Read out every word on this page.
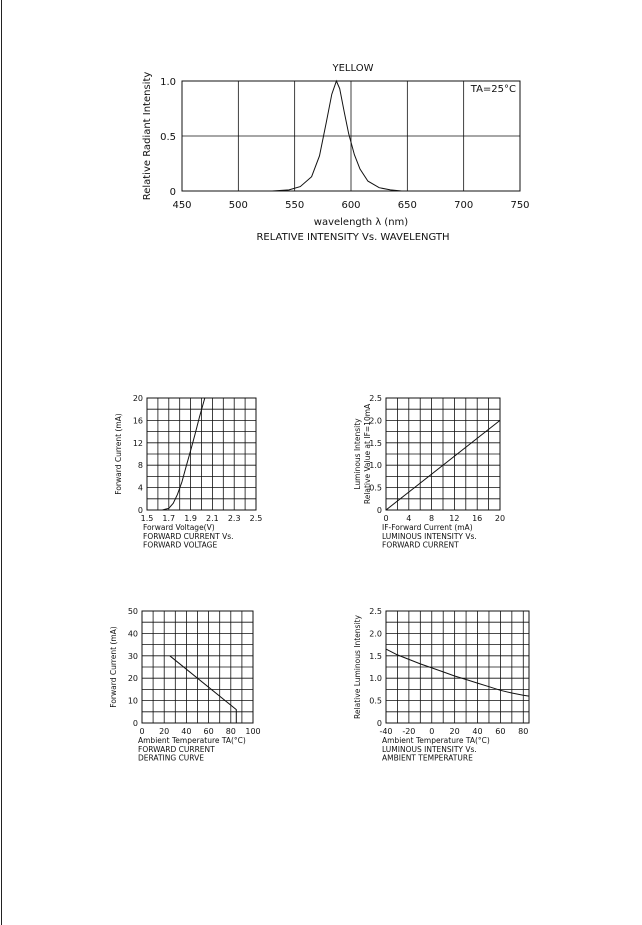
450	500	550	600	650	700	750
0
0.5
1.0
YELLOW
TA=25°C
wavelength λ (nm)
Relative Radiant Intensity
RELATIVE INTENSITY Vs. WAVELENGTH
1.5 1.7 1.9 2.1 2.3 2.5
0
4
8
12
16
20
Forward Voltage(V)
Forward Current (mA)
FORWARD CURRENT Vs.
FORWARD VOLTAGE
0 4 8 12 16 20
0
0.5
1.0
1.5
2.0
2.5
IF-Forward Current (mA)
Luminous Intensity Relative Value at IF=10mA
LUMINOUS INTENSITY Vs.
FORWARD CURRENT
0 20 40 60 80 100
0
10
20
30
40
50
Ambient Temperature TA(°C)
Forward Current (mA)
FORWARD CURRENT
DERATING CURVE
-40 -20 0 20 40 60 80
0
0.5
1.0
1.5
2.0
2.5
Ambient Temperature TA(°C)
Relative Luminous Intensity
LUMINOUS INTENSITY Vs.
AMBIENT TEMPERATURE
